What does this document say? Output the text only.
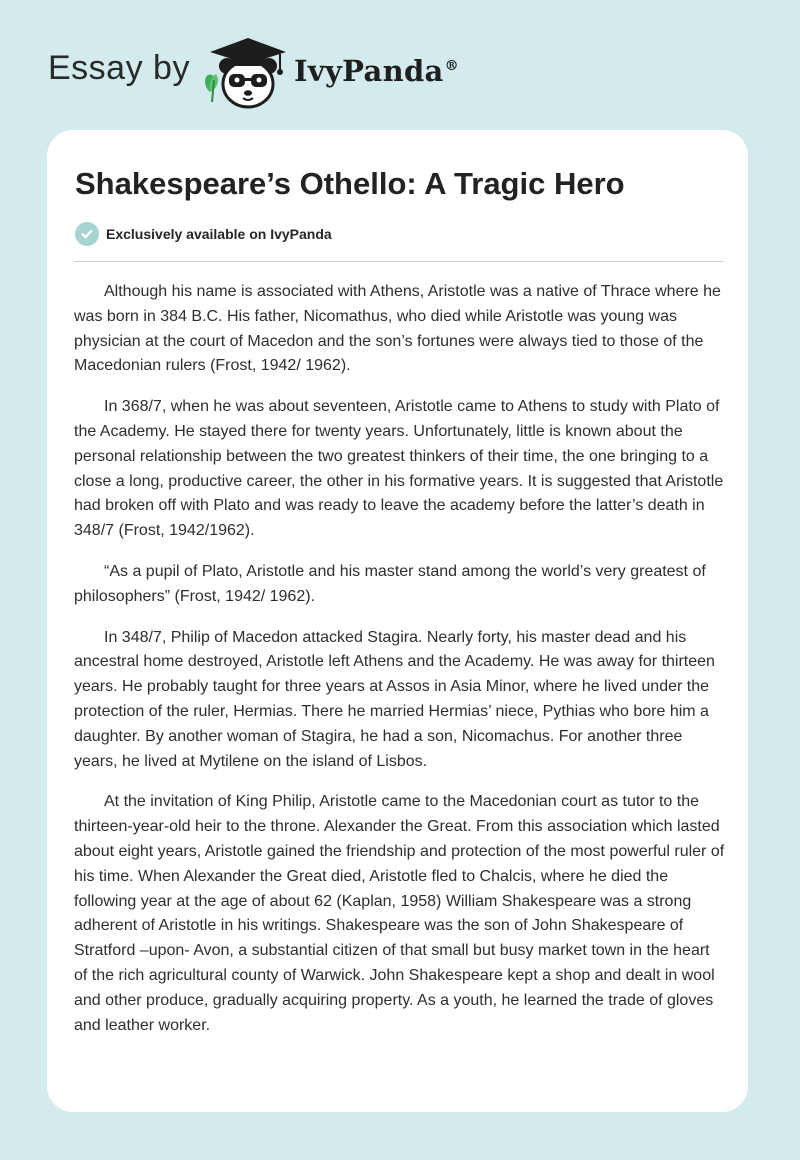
Essay by	IvyPanda®
Shakespeare’s Othello: A Tragic Hero
Exclusively available on IvyPanda

Although his name is associated with Athens, Aristotle was a native of Thrace where he was born in 384 B.C. His father, Nicomathus, who died while Aristotle was young was physician at the court of Macedon and the son’s fortunes were always tied to those of the Macedonian rulers (Frost, 1942/ 1962).

In 368/7, when he was about seventeen, Aristotle came to Athens to study with Plato of the Academy. He stayed there for twenty years. Unfortunately, little is known about the personal relationship between the two greatest thinkers of their time, the one bringing to a close a long, productive career, the other in his formative years. It is suggested that Aristotle had broken off with Plato and was ready to leave the academy before the latter’s death in 348/7 (Frost, 1942/1962).

“As a pupil of Plato, Aristotle and his master stand among the world’s very greatest of philosophers” (Frost, 1942/ 1962).

In 348/7, Philip of Macedon attacked Stagira. Nearly forty, his master dead and his ancestral home destroyed, Aristotle left Athens and the Academy. He was away for thirteen years. He probably taught for three years at Assos in Asia Minor, where he lived under the protection of the ruler, Hermias. There he married Hermias’ niece, Pythias who bore him a daughter. By another woman of Stagira, he had a son, Nicomachus. For another three years, he lived at Mytilene on the island of Lisbos.

At the invitation of King Philip, Aristotle came to the Macedonian court as tutor to the thirteen-year-old heir to the throne. Alexander the Great. From this association which lasted about eight years, Aristotle gained the friendship and protection of the most powerful ruler of his time. When Alexander the Great died, Aristotle fled to Chalcis, where he died the following year at the age of about 62 (Kaplan, 1958) William Shakespeare was a strong adherent of Aristotle in his writings. Shakespeare was the son of John Shakespeare of Stratford –upon- Avon, a substantial citizen of that small but busy market town in the heart of the rich agricultural county of Warwick. John Shakespeare kept a shop and dealt in wool and other produce, gradually acquiring property. As a youth, he learned the trade of gloves and leather worker.
